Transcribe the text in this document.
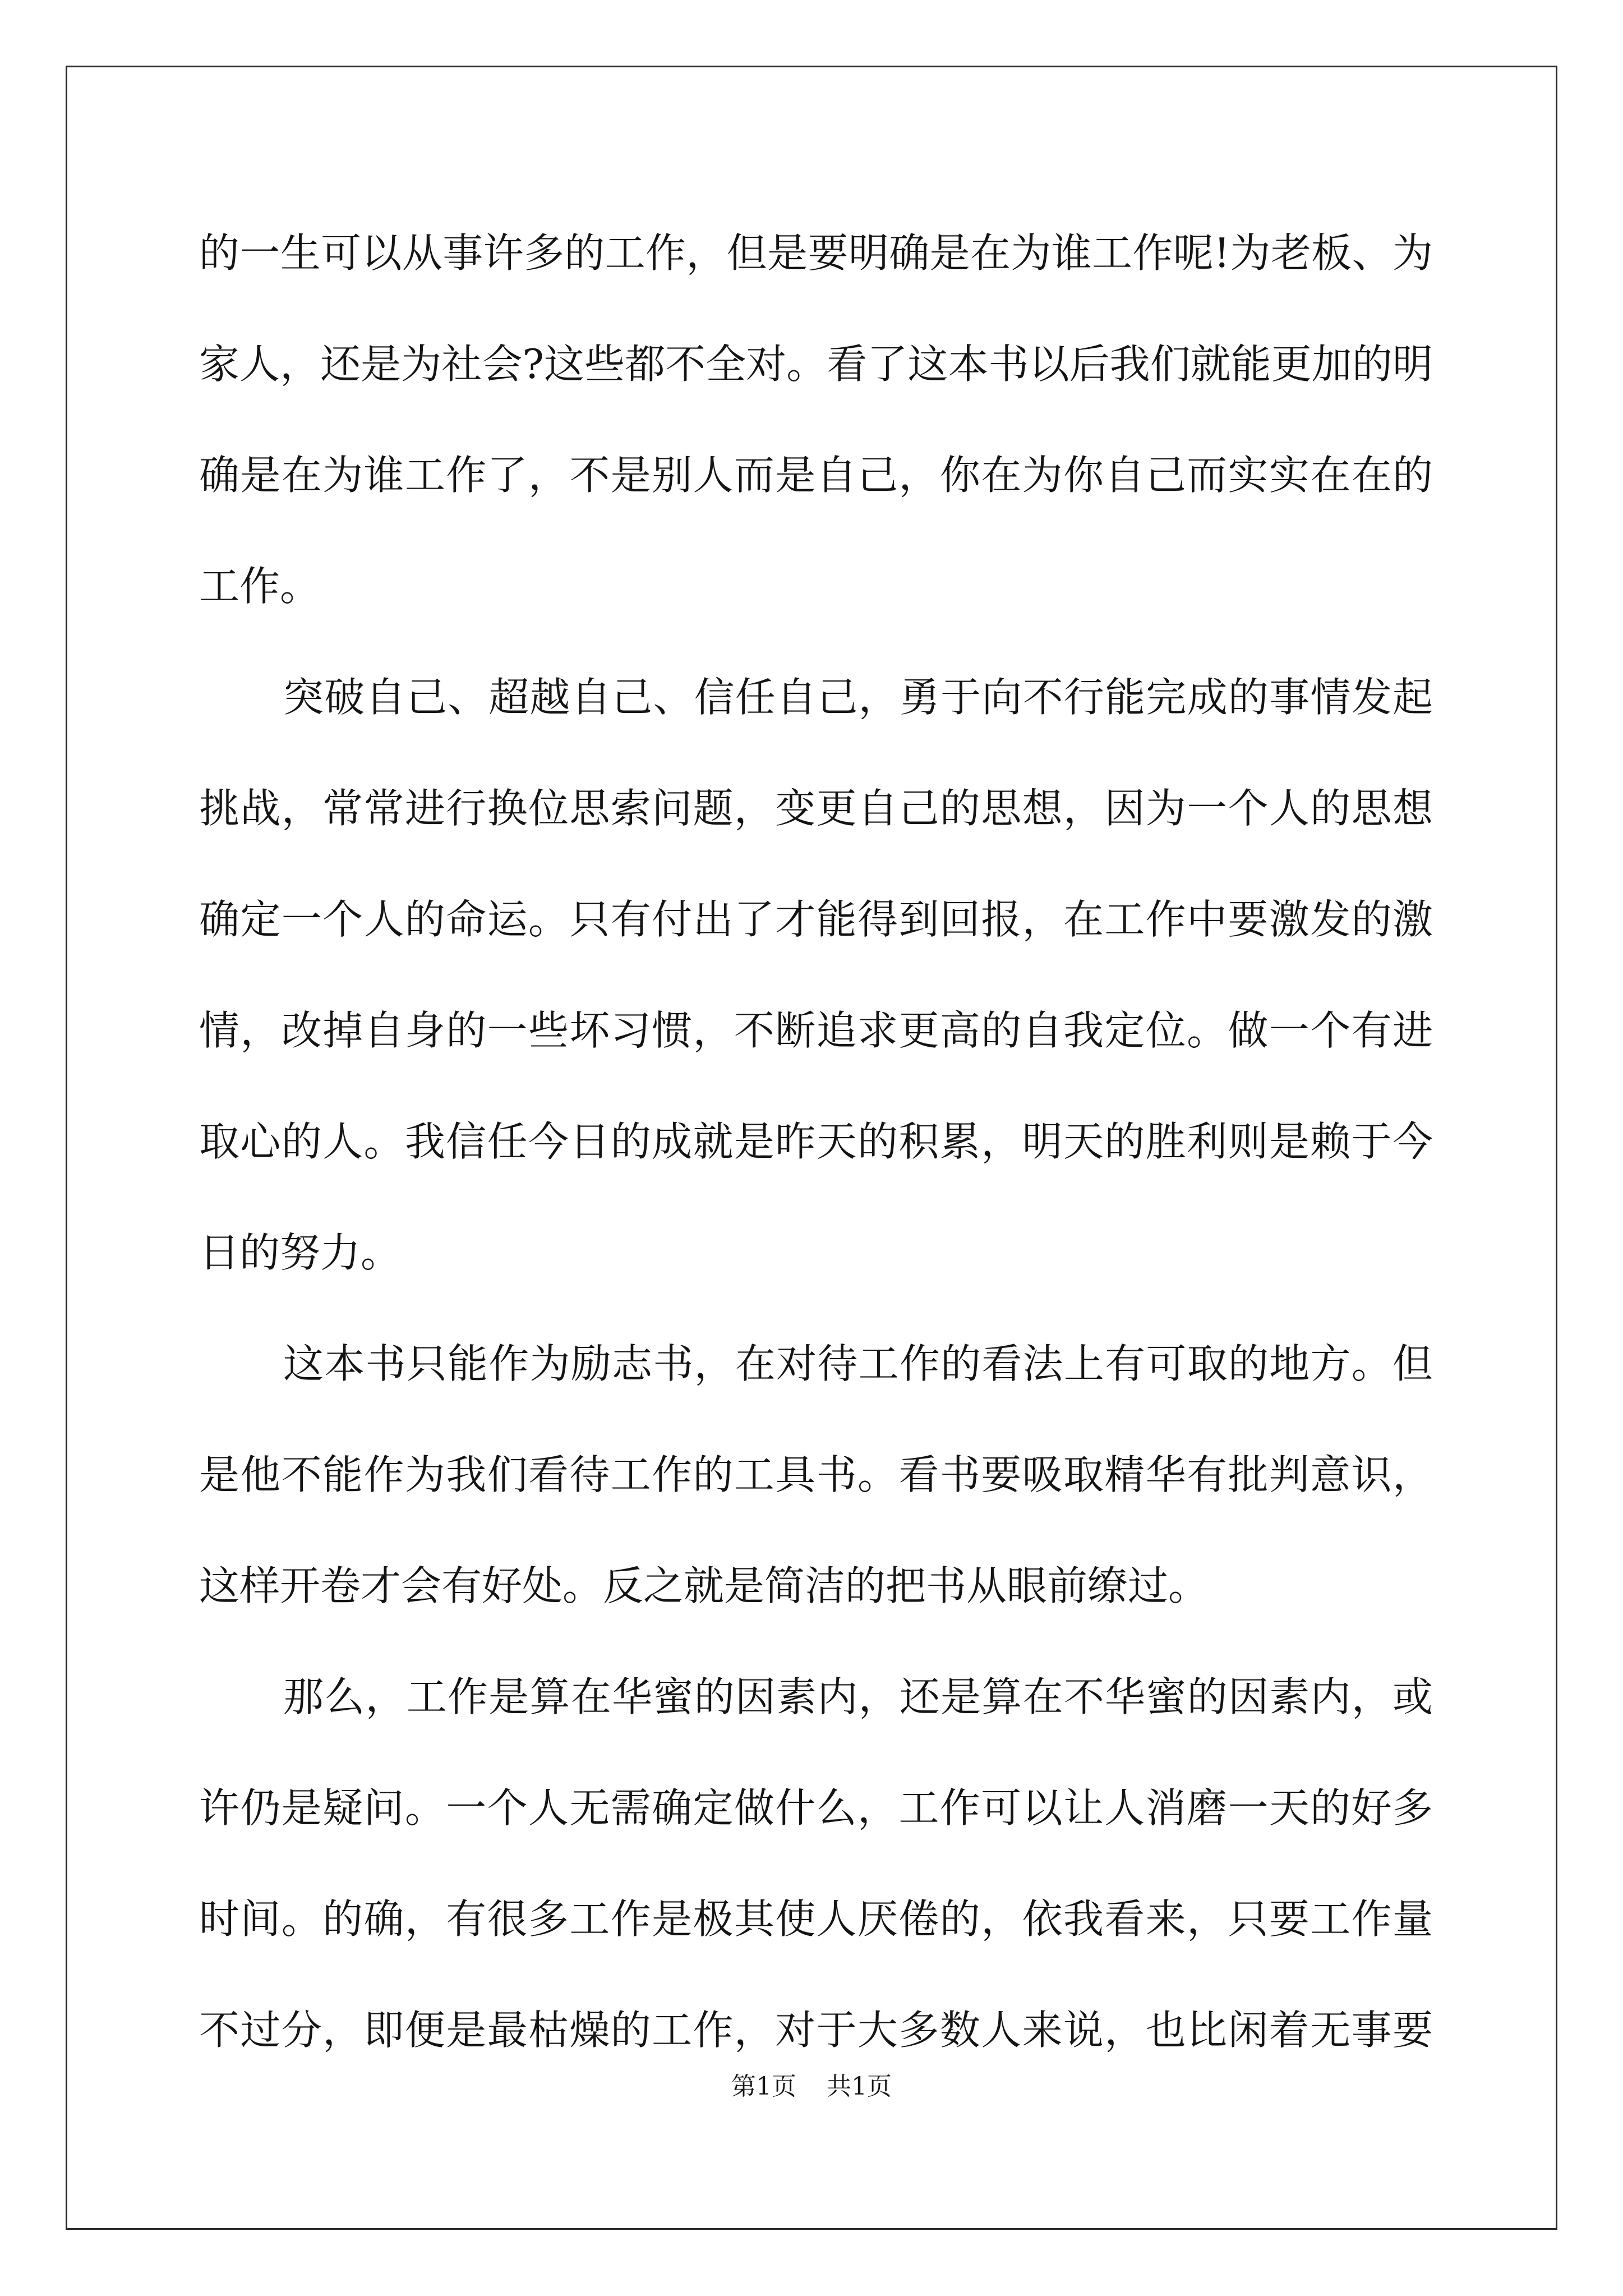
的一生可以从事许多的工作，但是要明确是在为谁工作呢!为老板、为
家人，还是为社会?这些都不全对。看了这本书以后我们就能更加的明
确是在为谁工作了，不是别人而是自己，你在为你自己而实实在在的
工作。
突破自己、超越自己、信任自己，勇于向不行能完成的事情发起
挑战，常常进行换位思索问题，变更自己的思想，因为一个人的思想
确定一个人的命运。只有付出了才能得到回报，在工作中要激发的激
情，改掉自身的一些坏习惯，不断追求更高的自我定位。做一个有进
取心的人。我信任今日的成就是昨天的积累，明天的胜利则是赖于今
日的努力。
这本书只能作为励志书，在对待工作的看法上有可取的地方。但
是他不能作为我们看待工作的工具书。看书要吸取精华有批判意识，
这样开卷才会有好处。反之就是简洁的把书从眼前缭过。
那么，工作是算在华蜜的因素内，还是算在不华蜜的因素内，或
许仍是疑问。一个人无需确定做什么，工作可以让人消磨一天的好多
时间。的确，有很多工作是极其使人厌倦的，依我看来，只要工作量
不过分，即便是最枯燥的工作，对于大多数人来说，也比闲着无事要
第1页 共1页
